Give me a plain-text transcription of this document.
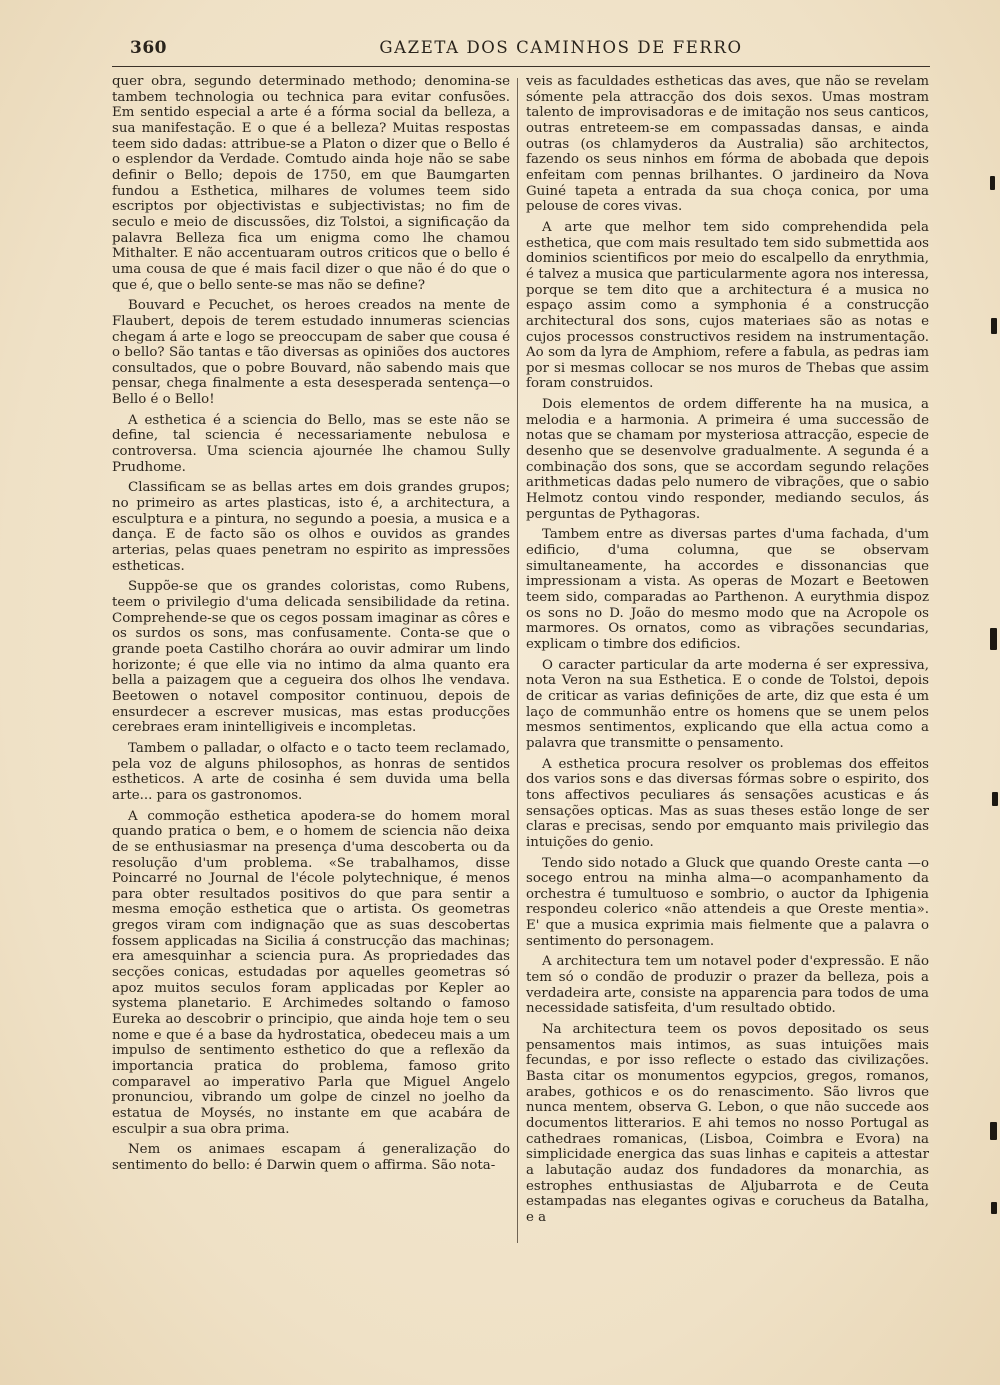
360	GAZETA DOS CAMINHOS DE FERRO

quer obra, segundo determinado methodo; denomina-se tambem technologia ou technica para evitar confusões. Em sentido especial a arte é a fórma social da belleza, a sua manifestação. E o que é a belleza? Muitas respostas teem sido dadas: attribue-se a Platon o dizer que o Bello é o esplendor da Verdade. Comtudo ainda hoje não se sabe definir o Bello; depois de 1750, em que Baumgarten fundou a Esthetica, milhares de volumes teem sido escriptos por objectivistas e subjectivistas; no fim de seculo e meio de discussões, diz Tolstoi, a significação da palavra Belleza fica um enigma como lhe chamou Mithalter. E não accentuaram outros criticos que o bello é uma cousa de que é mais facil dizer o que não é do que o que é, que o bello sente-se mas não se define?

Bouvard e Pecuchet, os heroes creados na mente de Flaubert, depois de terem estudado innumeras sciencias chegam á arte e logo se preoccupam de saber que cousa é o bello? São tantas e tão diversas as opiniões dos auctores consultados, que o pobre Bouvard, não sabendo mais que pensar, chega finalmente a esta desesperada sentença—o Bello é o Bello!

A esthetica é a sciencia do Bello, mas se este não se define, tal sciencia é necessariamente nebulosa e controversa. Uma sciencia ajournée lhe chamou Sully Prudhome.

Classificam se as bellas artes em dois grandes grupos; no primeiro as artes plasticas, isto é, a architectura, a esculptura e a pintura, no segundo a poesia, a musica e a dança. E de facto são os olhos e ouvidos as grandes arterias, pelas quaes penetram no espirito as impressões estheticas.

Suppõe-se que os grandes coloristas, como Rubens, teem o privilegio d'uma delicada sensibilidade da retina. Comprehende-se que os cegos possam imaginar as côres e os surdos os sons, mas confusamente. Conta-se que o grande poeta Castilho chorára ao ouvir admirar um lindo horizonte; é que elle via no intimo da alma quanto era bella a paizagem que a cegueira dos olhos lhe vendava. Beetowen o notavel compositor continuou, depois de ensurdecer a escrever musicas, mas estas producções cerebraes eram inintelligiveis e incompletas.

Tambem o palladar, o olfacto e o tacto teem reclamado, pela voz de alguns philosophos, as honras de sentidos estheticos. A arte de cosinha é sem duvida uma bella arte... para os gastronomos.

A commoção esthetica apodera-se do homem moral quando pratica o bem, e o homem de sciencia não deixa de se enthusiasmar na presença d'uma descoberta ou da resolução d'um problema. «Se trabalhamos, disse Poincarré no Journal de l'école polytechnique, é menos para obter resultados positivos do que para sentir a mesma emoção esthetica que o artista. Os geometras gregos viram com indignação que as suas descobertas fossem applicadas na Sicilia á construcção das machinas; era amesquinhar a sciencia pura. As propriedades das secções conicas, estudadas por aquelles geometras só apoz muitos seculos foram applicadas por Kepler ao systema planetario. E Archimedes soltando o famoso Eureka ao descobrir o principio, que ainda hoje tem o seu nome e que é a base da hydrostatica, obedeceu mais a um impulso de sentimento esthetico do que a reflexão da importancia pratica do problema, famoso grito comparavel ao imperativo Parla que Miguel Angelo pronunciou, vibrando um golpe de cinzel no joelho da estatua de Moysés, no instante em que acabára de esculpir a sua obra prima.

Nem os animaes escapam á generalização do sentimento do bello: é Darwin quem o affirma. São nota-

veis as faculdades estheticas das aves, que não se revelam sómente pela attracção dos dois sexos. Umas mostram talento de improvisadoras e de imitação nos seus canticos, outras entreteem-se em compassadas dansas, e ainda outras (os chlamyderos da Australia) são architectos, fazendo os seus ninhos em fórma de abobada que depois enfeitam com pennas brilhantes. O jardineiro da Nova Guiné tapeta a entrada da sua choça conica, por uma pelouse de cores vivas.

A arte que melhor tem sido comprehendida pela esthetica, que com mais resultado tem sido submettida aos dominios scientificos por meio do escalpello da enrythmia, é talvez a musica que particularmente agora nos interessa, porque se tem dito que a architectura é a musica no espaço assim como a symphonia é a construcção architectural dos sons, cujos materiaes são as notas e cujos processos constructivos residem na instrumentação. Ao som da lyra de Amphiom, refere a fabula, as pedras iam por si mesmas collocar se nos muros de Thebas que assim foram construidos.

Dois elementos de ordem differente ha na musica, a melodia e a harmonia. A primeira é uma successão de notas que se chamam por mysteriosa attracção, especie de desenho que se desenvolve gradualmente. A segunda é a combinação dos sons, que se accordam segundo relações arithmeticas dadas pelo numero de vibrações, que o sabio Helmotz contou vindo responder, mediando seculos, ás perguntas de Pythagoras.

Tambem entre as diversas partes d'uma fachada, d'um edificio, d'uma columna, que se observam simultaneamente, ha accordes e dissonancias que impressionam a vista. As operas de Mozart e Beetowen teem sido, comparadas ao Parthenon. A eurythmia dispoz os sons no D. João do mesmo modo que na Acropole os marmores. Os ornatos, como as vibrações secundarias, explicam o timbre dos edificios.

O caracter particular da arte moderna é ser expressiva, nota Veron na sua Esthetica. E o conde de Tolstoi, depois de criticar as varias definições de arte, diz que esta é um laço de communhão entre os homens que se unem pelos mesmos sentimentos, explicando que ella actua como a palavra que transmitte o pensamento.

A esthetica procura resolver os problemas dos effeitos dos varios sons e das diversas fórmas sobre o espirito, dos tons affectivos peculiares ás sensações acusticas e ás sensações opticas. Mas as suas theses estão longe de ser claras e precisas, sendo por emquanto mais privilegio das intuições do genio.

Tendo sido notado a Gluck que quando Oreste canta —o socego entrou na minha alma—o acompanhamento da orchestra é tumultuoso e sombrio, o auctor da Iphigenia respondeu colerico «não attendeis a que Oreste mentia». E' que a musica exprimia mais fielmente que a palavra o sentimento do personagem.

A architectura tem um notavel poder d'expressão. E não tem só o condão de produzir o prazer da belleza, pois a verdadeira arte, consiste na apparencia para todos de uma necessidade satisfeita, d'um resultado obtido.

Na architectura teem os povos depositado os seus pensamentos mais intimos, as suas intuições mais fecundas, e por isso reflecte o estado das civilizações. Basta citar os monumentos egypcios, gregos, romanos, arabes, gothicos e os do renascimento. São livros que nunca mentem, observa G. Lebon, o que não succede aos documentos litterarios. E ahi temos no nosso Portugal as cathedraes romanicas, (Lisboa, Coimbra e Evora) na simplicidade energica das suas linhas e capiteis a attestar a labutação audaz dos fundadores da monarchia, as estrophes enthusiastas de Aljubarrota e de Ceuta estampadas nas elegantes ogivas e corucheus da Batalha, e a
